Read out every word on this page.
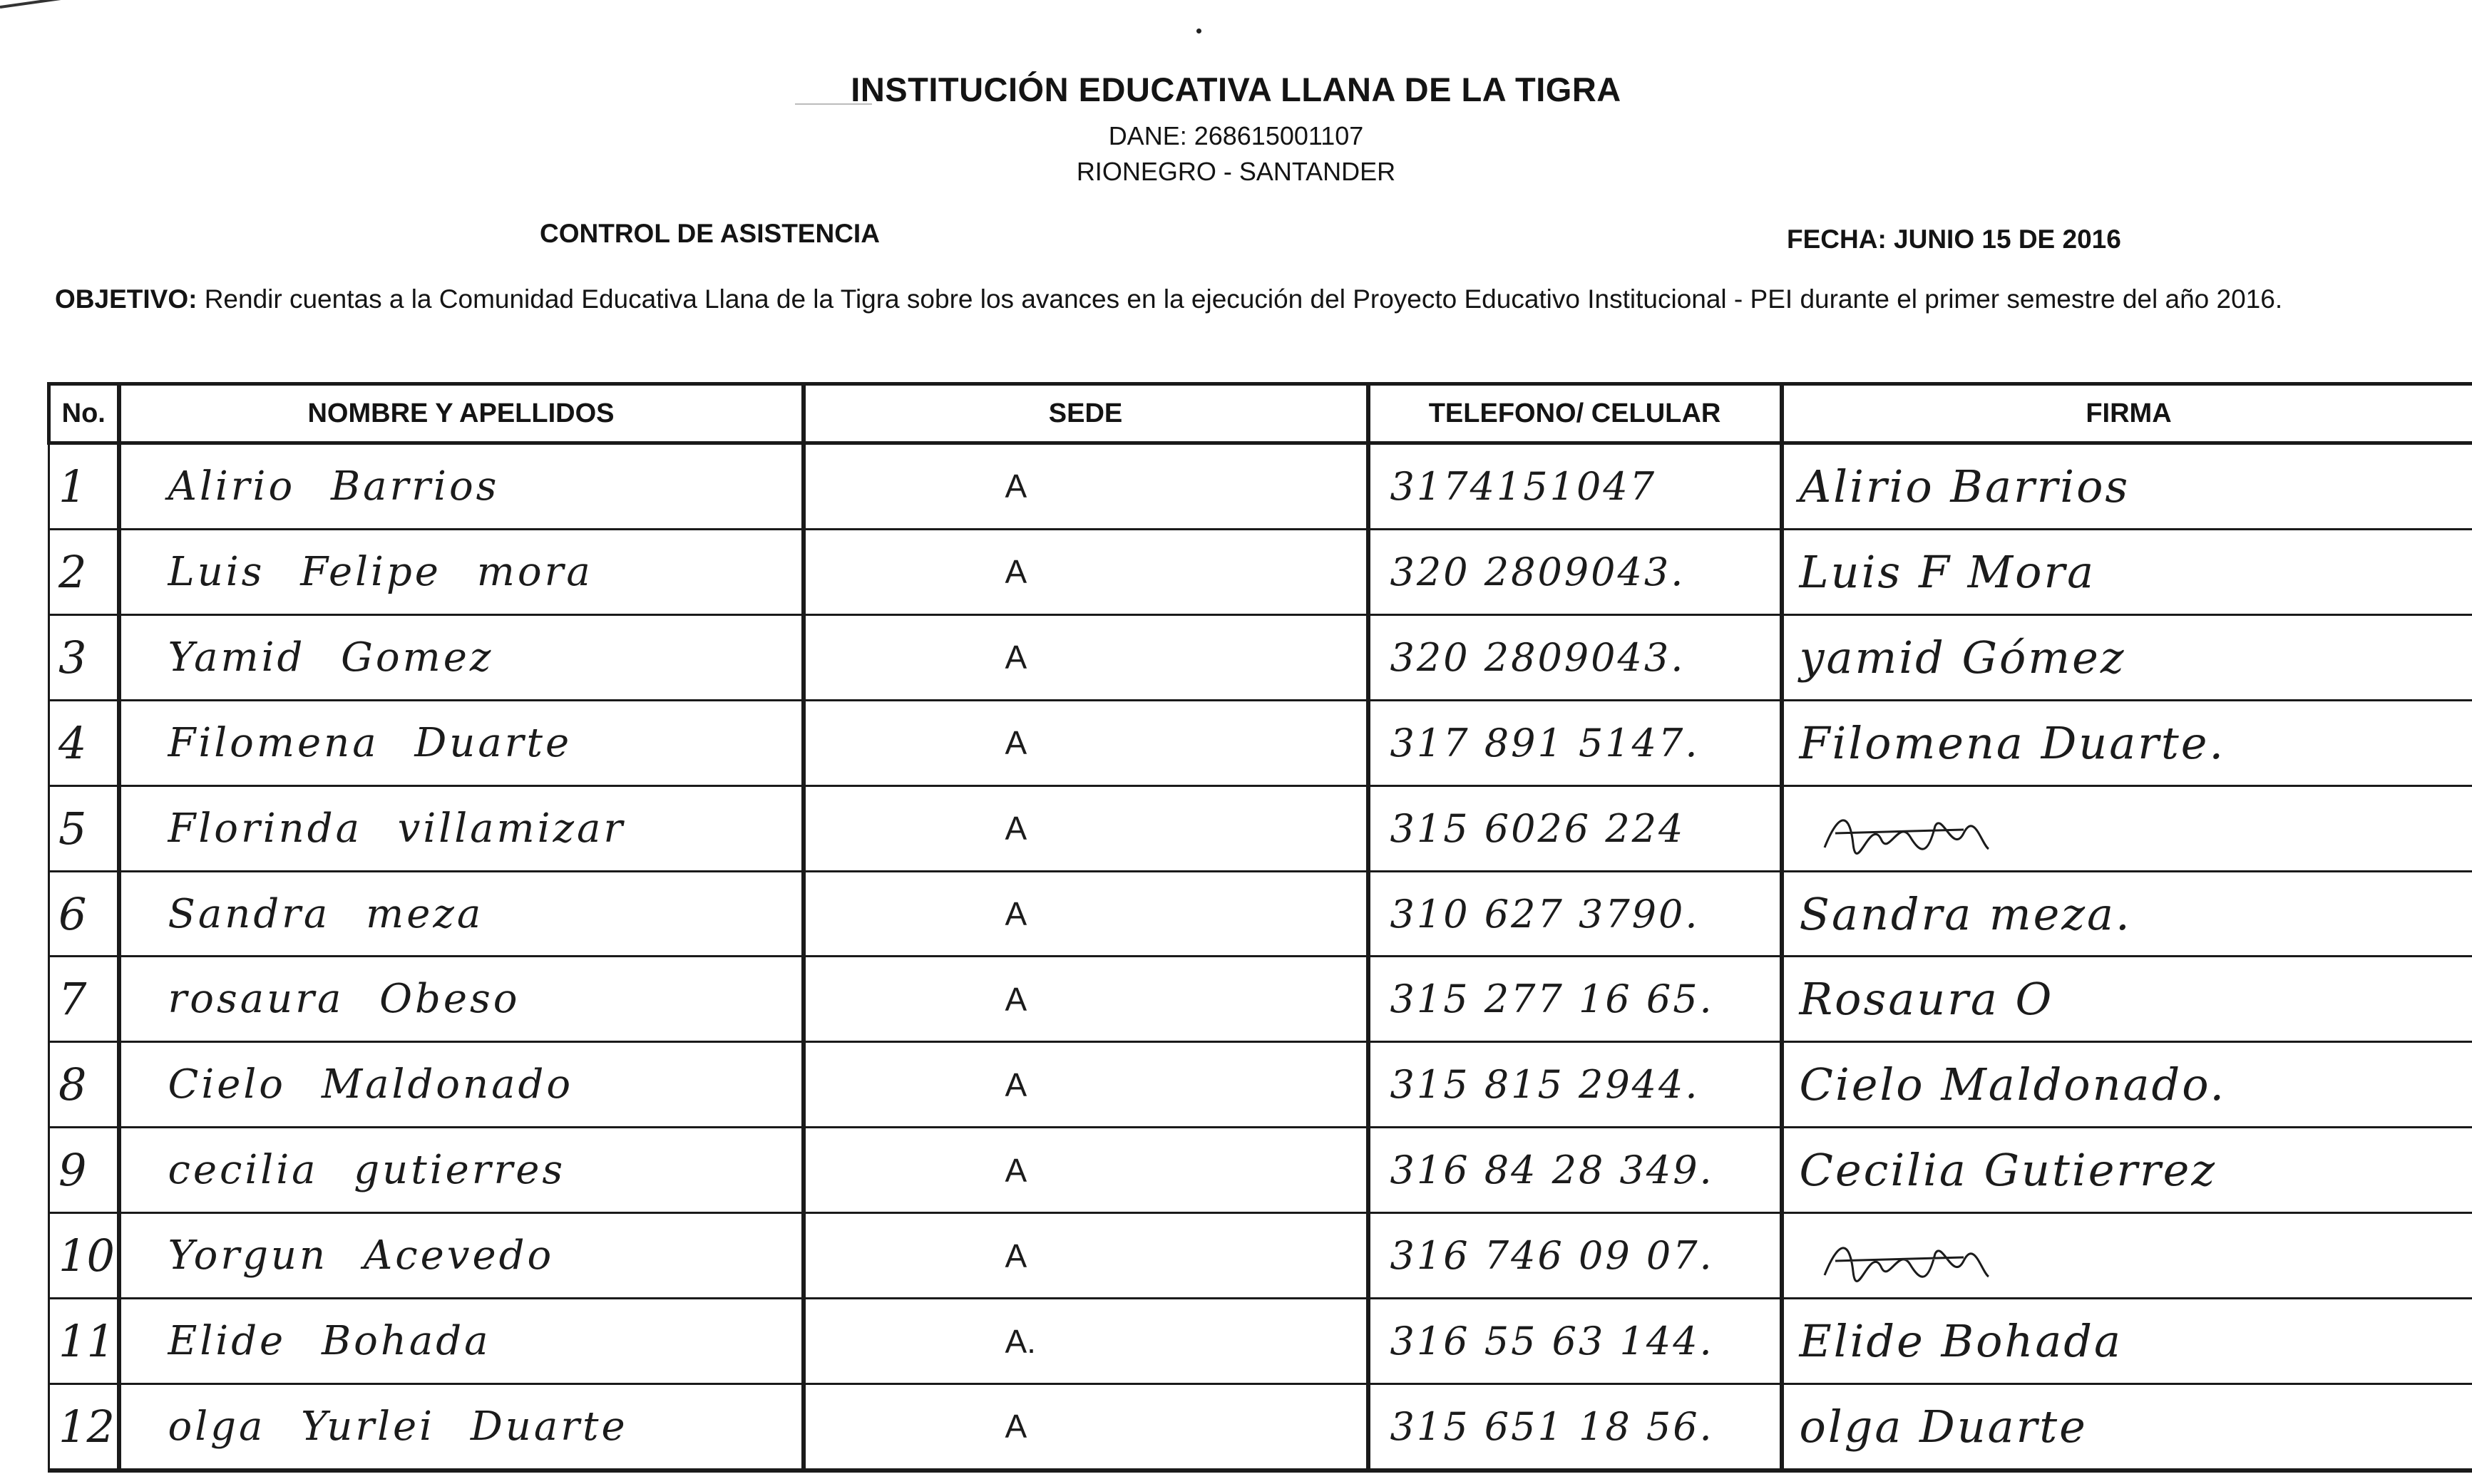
INSTITUCIÓN EDUCATIVA LLANA DE LA TIGRA
DANE: 268615001107
RIONEGRO - SANTANDER
CONTROL DE ASISTENCIA	FECHA: JUNIO 15 DE 2016
OBJETIVO: Rendir cuentas a la Comunidad Educativa Llana de la Tigra sobre los avances en la ejecución del Proyecto Educativo Institucional - PEI durante el primer semestre del año 2016.
No.	NOMBRE Y APELLIDOS	SEDE	TELEFONO/ CELULAR	FIRMA
1	Alirio Barrios	A	3174151047	Alirio Barrios
2	Luis Felipe mora	A	320 2809043.	Luis F Mora
3	Yamid Gomez	A	320 2809043.	yamid Gómez
4	Filomena Duarte	A	317 891 5147.	Filomena Duarte.
5	Florinda villamizar	A	315 6026 224	
6	Sandra meza	A	310 627 3790.	Sandra meza.
7	rosaura Obeso	A	315 277 16 65.	Rosaura O
8	Cielo Maldonado	A	315 815 2944.	Cielo Maldonado.
9	cecilia gutierres	A	316 84 28 349.	Cecilia Gutierrez
10	Yorgun Acevedo	A	316 746 09 07.	
11	Elide Bohada	A.	316 55 63 144.	Elide Bohada
12	olga Yurlei Duarte	A	315 651 18 56.	olga Duarte
